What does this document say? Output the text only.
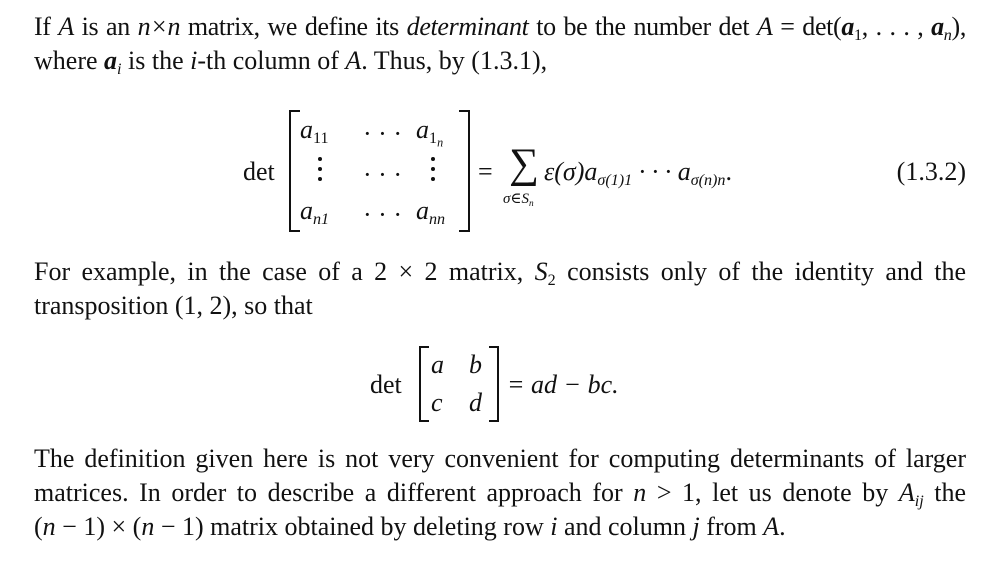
If A is an n×n matrix, we define its determinant to be the number $\det A = \det(a_1$, . . . , $a_n$),
where $a_i$ is the i-th column of A. Thus, by (1.3.1),
det
$a_{11}$ · · · $a_{1_n}$
· · ·
$a_{n1}$ · · · $a_{nn}$
= ∑
$\sigma\in S_n$
$\varepsilon(\sigma)a_{\sigma(1)1}$ · · · $a_{\sigma(n)n}$.	(1.3.2)
For example, in the case of a 2 × 2 matrix, $S_2$ consists only of the identity and the
transposition (1, 2), so that
det
a b
c d
= ad − bc.
The definition given here is not very convenient for computing determinants of larger
matrices. In order to describe a different approach for n > 1, let us denote by $A_{ij}$ the
(n − 1) × (n − 1) matrix obtained by deleting row i and column j from A.
